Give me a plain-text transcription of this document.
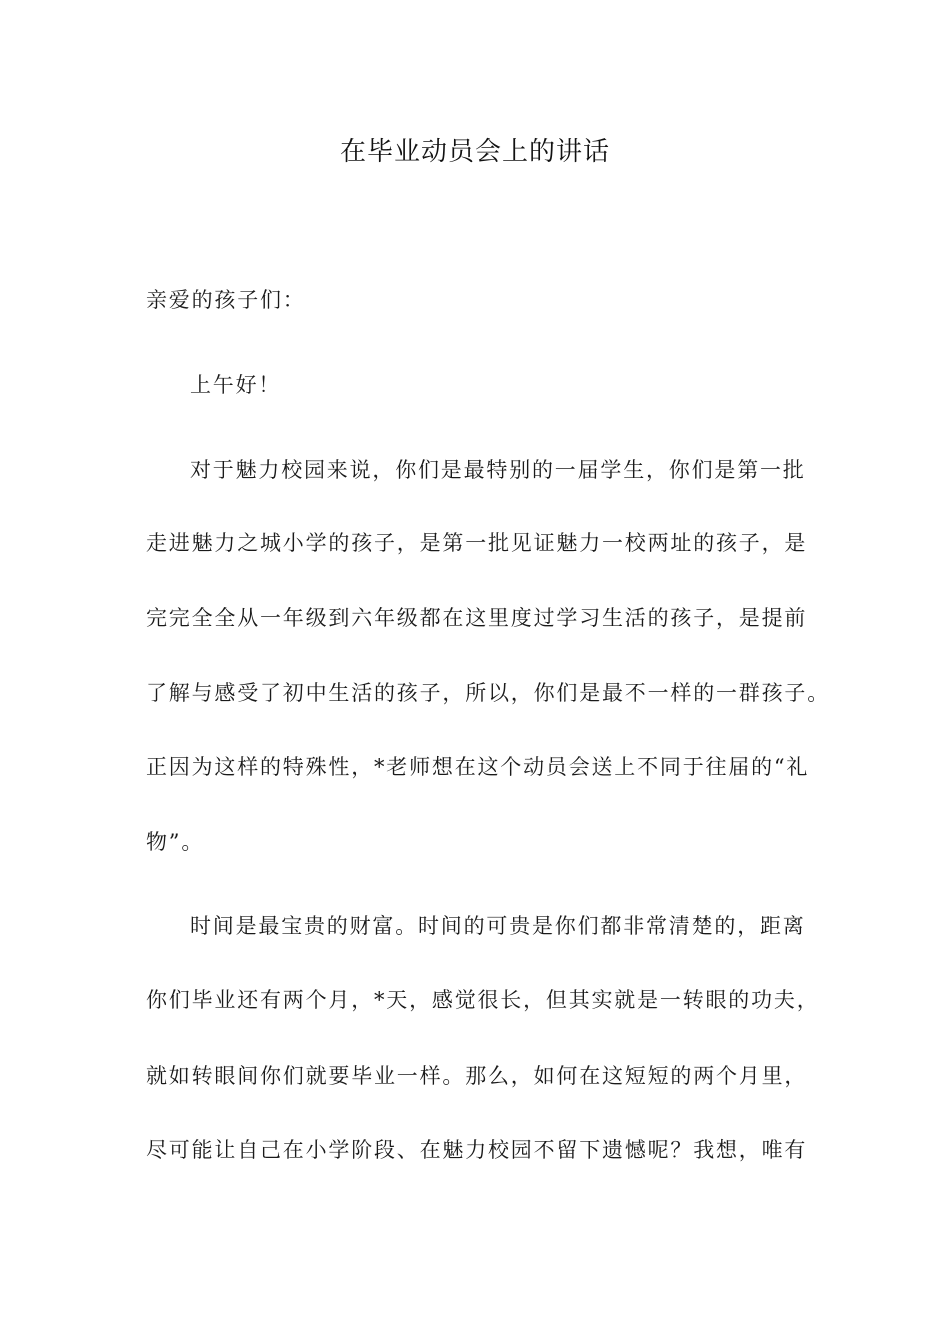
在毕业动员会上的讲话
亲爱的孩子们：
上午好！
对于魅力校园来说，你们是最特别的一届学生，你们是第一批
走进魅力之城小学的孩子，是第一批见证魅力一校两址的孩子，是
完完全全从一年级到六年级都在这里度过学习生活的孩子，是提前
了解与感受了初中生活的孩子，所以，你们是最不一样的一群孩子。
正因为这样的特殊性，*老师想在这个动员会送上不同于往届的“礼
物”。
时间是最宝贵的财富。时间的可贵是你们都非常清楚的，距离
你们毕业还有两个月，*天，感觉很长，但其实就是一转眼的功夫，
就如转眼间你们就要毕业一样。那么，如何在这短短的两个月里，
尽可能让自己在小学阶段、在魅力校园不留下遗憾呢？我想，唯有
